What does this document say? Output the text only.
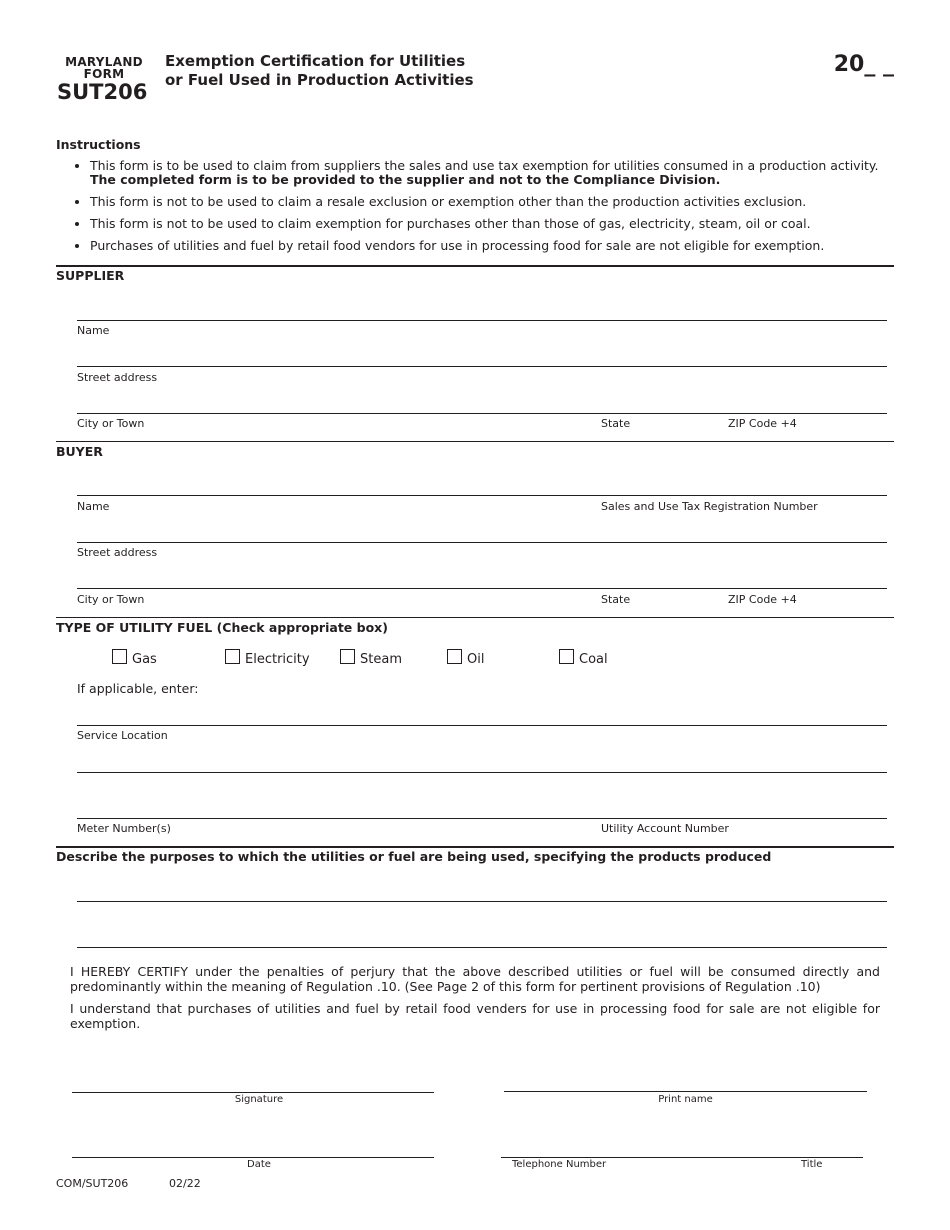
MARYLAND
FORM
SUT206
Exemption Certification for Utilities
or Fuel Used in Production Activities
20_ _
Instructions
• This form is to be used to claim from suppliers the sales and use tax exemption for utilities consumed in a production activity. The completed form is to be provided to the supplier and not to the Compliance Division.
• This form is not to be used to claim a resale exclusion or exemption other than the production activities exclusion.
• This form is not to be used to claim exemption for purchases other than those of gas, electricity, steam, oil or coal.
• Purchases of utilities and fuel by retail food vendors for use in processing food for sale are not eligible for exemption.
SUPPLIER
Name
Street address
City or Town	State	ZIP Code +4
BUYER
Name	Sales and Use Tax Registration Number
Street address
City or Town	State	ZIP Code +4
TYPE OF UTILITY FUEL (Check appropriate box)
Gas	Electricity	Steam	Oil	Coal
If applicable, enter:
Service Location
Meter Number(s)	Utility Account Number
Describe the purposes to which the utilities or fuel are being used, specifying the products produced
I HEREBY CERTIFY under the penalties of perjury that the above described utilities or fuel will be consumed directly and predominantly within the meaning of Regulation .10. (See Page 2 of this form for pertinent provisions of Regulation .10)
I understand that purchases of utilities and fuel by retail food venders for use in processing food for sale are not eligible for exemption.
Signature	Print name
Date	Telephone Number	Title
COM/SUT206	02/22
